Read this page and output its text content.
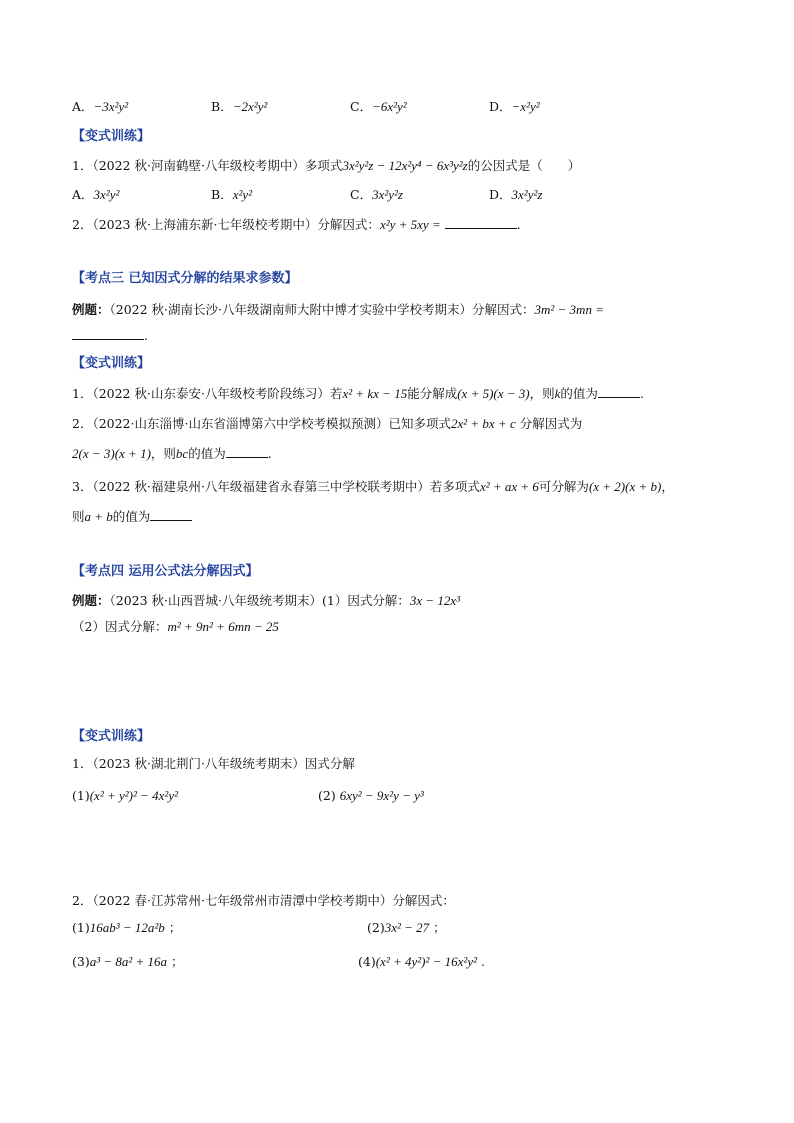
A．−3x²y²	B．−2x²y²	C．−6x²y²	D．−x²y²
【变式训练】
1．（2022 秋·河南鹤壁·八年级校考期中）多项式3x²y²z − 12x²y⁴ − 6x³y²z的公因式是（　　）
A．3x²y²	B．x²y²	C．3x²y²z	D．3x²y²z
2．（2023 秋·上海浦东新·七年级校考期中）分解因式：x²y + 5xy =	.
【考点三 已知因式分解的结果求参数】
例题：（2022 秋·湖南长沙·八年级湖南师大附中博才实验中学校考期末）分解因式：3m² − 3mn =
.
【变式训练】
1．（2022 秋·山东泰安·八年级校考阶段练习）若x² + kx − 15能分解成(x + 5)(x − 3)，则k的值为	.
2．（2022·山东淄博·山东省淄博第六中学校考模拟预测）已知多项式2x² + bx + c 分解因式为
2(x − 3)(x + 1)，则bc的值为	.
3．（2022 秋·福建泉州·八年级福建省永春第三中学校联考期中）若多项式x² + ax + 6可分解为(x + 2)(x + b)，
则a + b的值为
【考点四 运用公式法分解因式】
例题：（2023 秋·山西晋城·八年级统考期末）(1）因式分解：3x − 12x³
（2）因式分解：m² + 9n² + 6mn − 25
【变式训练】
1．（2023 秋·湖北荆门·八年级统考期末）因式分解
(1)(x² + y²)² − 4x²y²	(2) 6xy² − 9x²y − y³
2．（2022 春·江苏常州·七年级常州市清潭中学校考期中）分解因式：
(1)16ab³ − 12a²b ；	(2)3x² − 27 ；
(3)a³ − 8a² + 16a ；	(4)(x² + 4y²)² − 16x²y² .
